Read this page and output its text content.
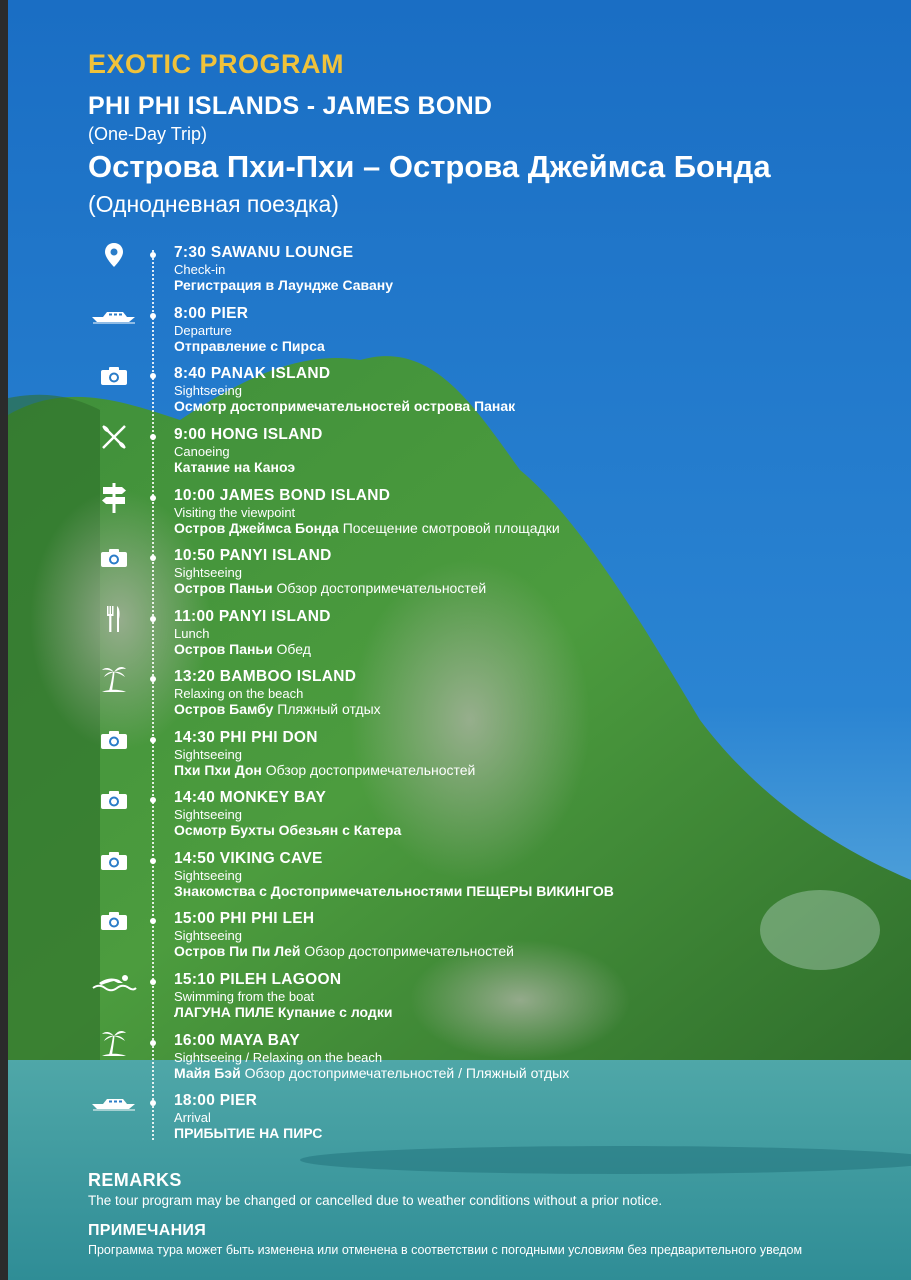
EXOTIC PROGRAM
PHI PHI ISLANDS - JAMES BOND
(One-Day Trip)
Острова Пхи-Пхи – Острова Джеймса Бонда
(Однодневная поездка)
7:30 SAWANU LOUNGE
Check-in
Регистрация в Лаундже Савану
8:00 PIER
Departure
Отправление с Пирса
8:40 PANAK ISLAND
Sightseeing
Осмотр достопримечательностей острова Панак
9:00 HONG ISLAND
Canoeing
Катание на Каноэ
10:00 JAMES BOND ISLAND
Visiting the viewpoint
Остров Джеймса Бонда Посещение смотровой площадки
10:50 PANYI ISLAND
Sightseeing
Остров Паньи Обзор достопримечательностей
11:00 PANYI ISLAND
Lunch
Остров Паньи Обед
13:20 BAMBOO ISLAND
Relaxing on the beach
Остров Бамбу Пляжный отдых
14:30 PHI PHI DON
Sightseeing
Пхи Пхи Дон Обзор достопримечательностей
14:40 MONKEY BAY
Sightseeing
Осмотр Бухты Обезьян с Катера
14:50 VIKING CAVE
Sightseeing
Знакомства с Достопримечательностями ПЕЩЕРЫ ВИКИНГОВ
15:00 PHI PHI LEH
Sightseeing
Остров Пи Пи Лей Обзор достопримечательностей
15:10 PILEH LAGOON
Swimming from the boat
ЛАГУНА ПИЛЕ Купание с лодки
16:00 MAYA BAY
Sightseeing / Relaxing on the beach
Майя Бэй Обзор достопримечательностей / Пляжный отдых
18:00 PIER
Arrival
ПРИБЫТИЕ НА ПИРС
REMARKS
The tour program may be changed or cancelled due to weather conditions without a prior notice.
ПРИМЕЧАНИЯ
Программа тура может быть изменена или отменена в соответствии с погодными условиям без предварительного уведом
